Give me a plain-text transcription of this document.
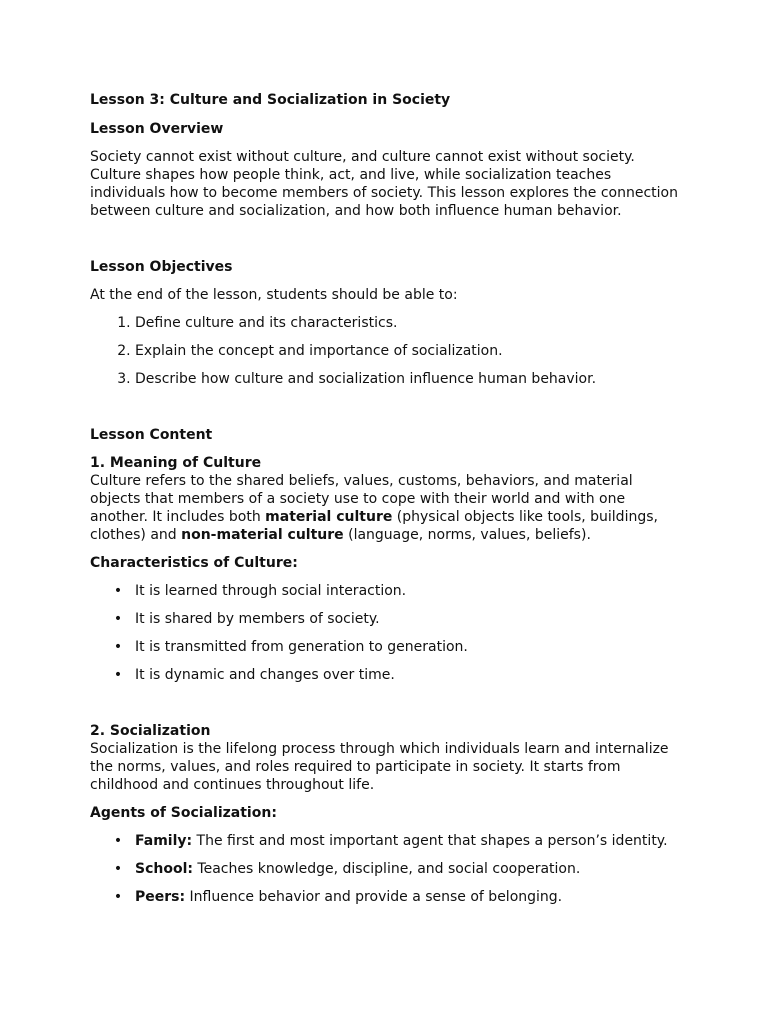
Lesson 3: Culture and Socialization in Society

Lesson Overview

Society cannot exist without culture, and culture cannot exist without society. Culture shapes how people think, act, and live, while socialization teaches individuals how to become members of society. This lesson explores the connection between culture and socialization, and how both influence human behavior.

Lesson Objectives

At the end of the lesson, students should be able to:

1. Define culture and its characteristics.
2. Explain the concept and importance of socialization.
3. Describe how culture and socialization influence human behavior.

Lesson Content

1. Meaning of Culture

Culture refers to the shared beliefs, values, customs, behaviors, and material objects that members of a society use to cope with their world and with one another. It includes both material culture (physical objects like tools, buildings, clothes) and non-material culture (language, norms, values, beliefs).

Characteristics of Culture:

• It is learned through social interaction.
• It is shared by members of society.
• It is transmitted from generation to generation.
• It is dynamic and changes over time.

2. Socialization

Socialization is the lifelong process through which individuals learn and internalize the norms, values, and roles required to participate in society. It starts from childhood and continues throughout life.

Agents of Socialization:

• Family: The first and most important agent that shapes a person’s identity.
• School: Teaches knowledge, discipline, and social cooperation.
• Peers: Influence behavior and provide a sense of belonging.
